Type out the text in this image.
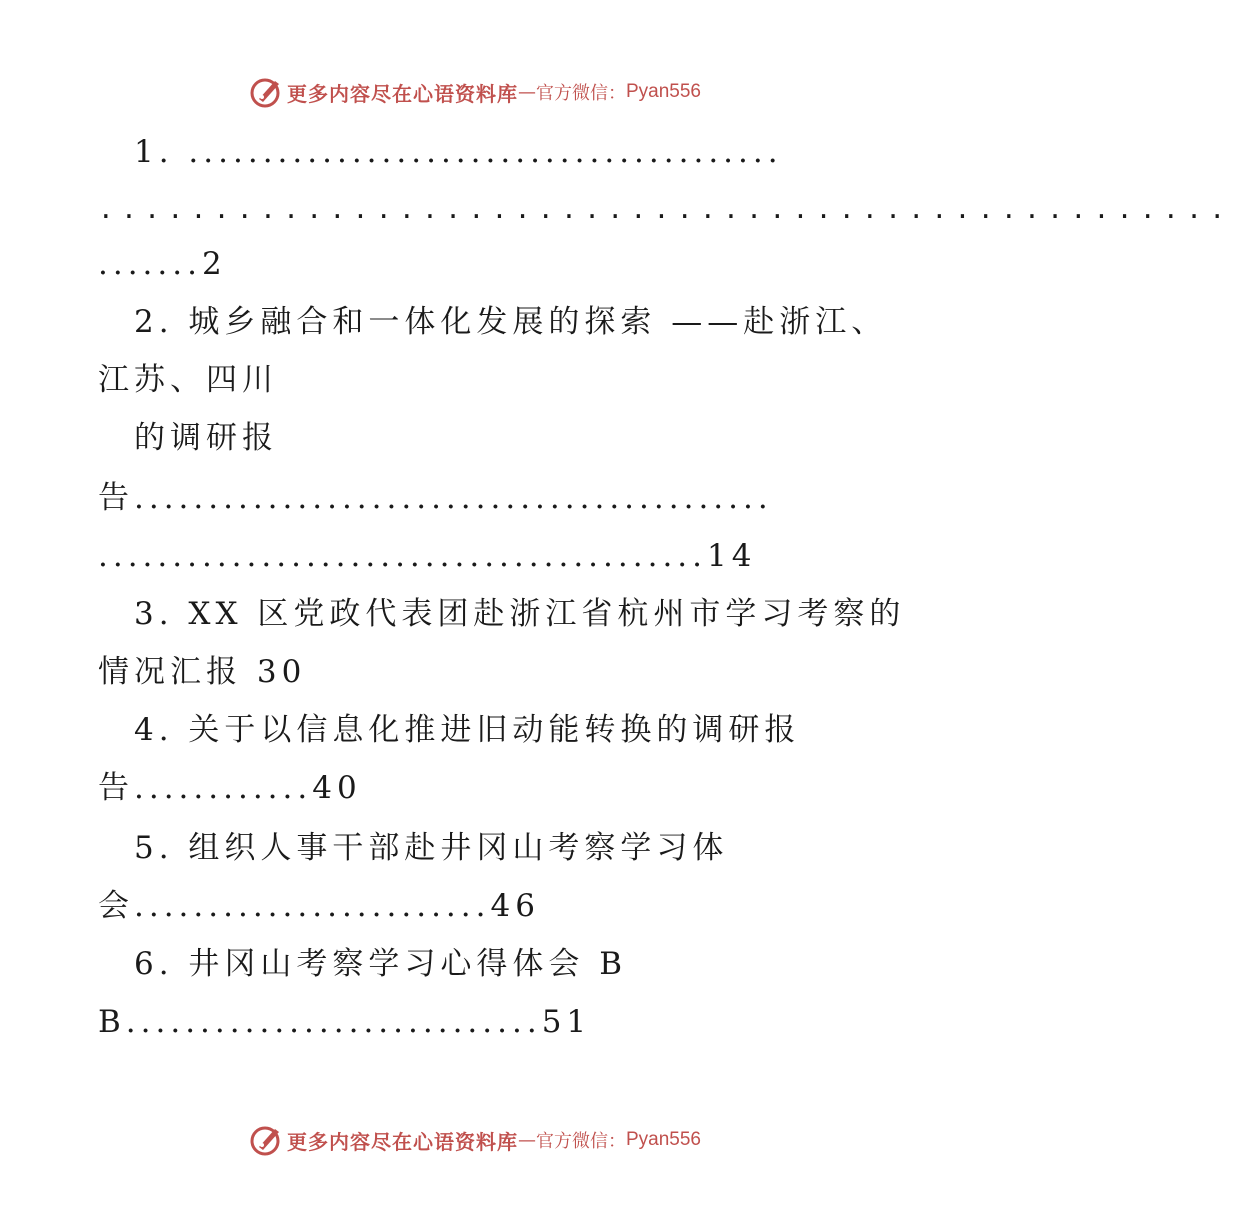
更多内容尽在心语资料库 — 官方微信： Pyan556
1. ........................................
.................................................
.......2
2. 城乡融合和一体化发展的探索 ——赴浙江、
江苏、四川
的调研报
告...........................................
.........................................14
3. XX 区党政代表团赴浙江省杭州市学习考察的
情况汇报 30
4. 关于以信息化推进旧动能转换的调研报
告............40
5. 组织人事干部赴井冈山考察学习体
会........................46
6. 井冈山考察学习心得体会 B
B............................51
更多内容尽在心语资料库 — 官方微信： Pyan556
